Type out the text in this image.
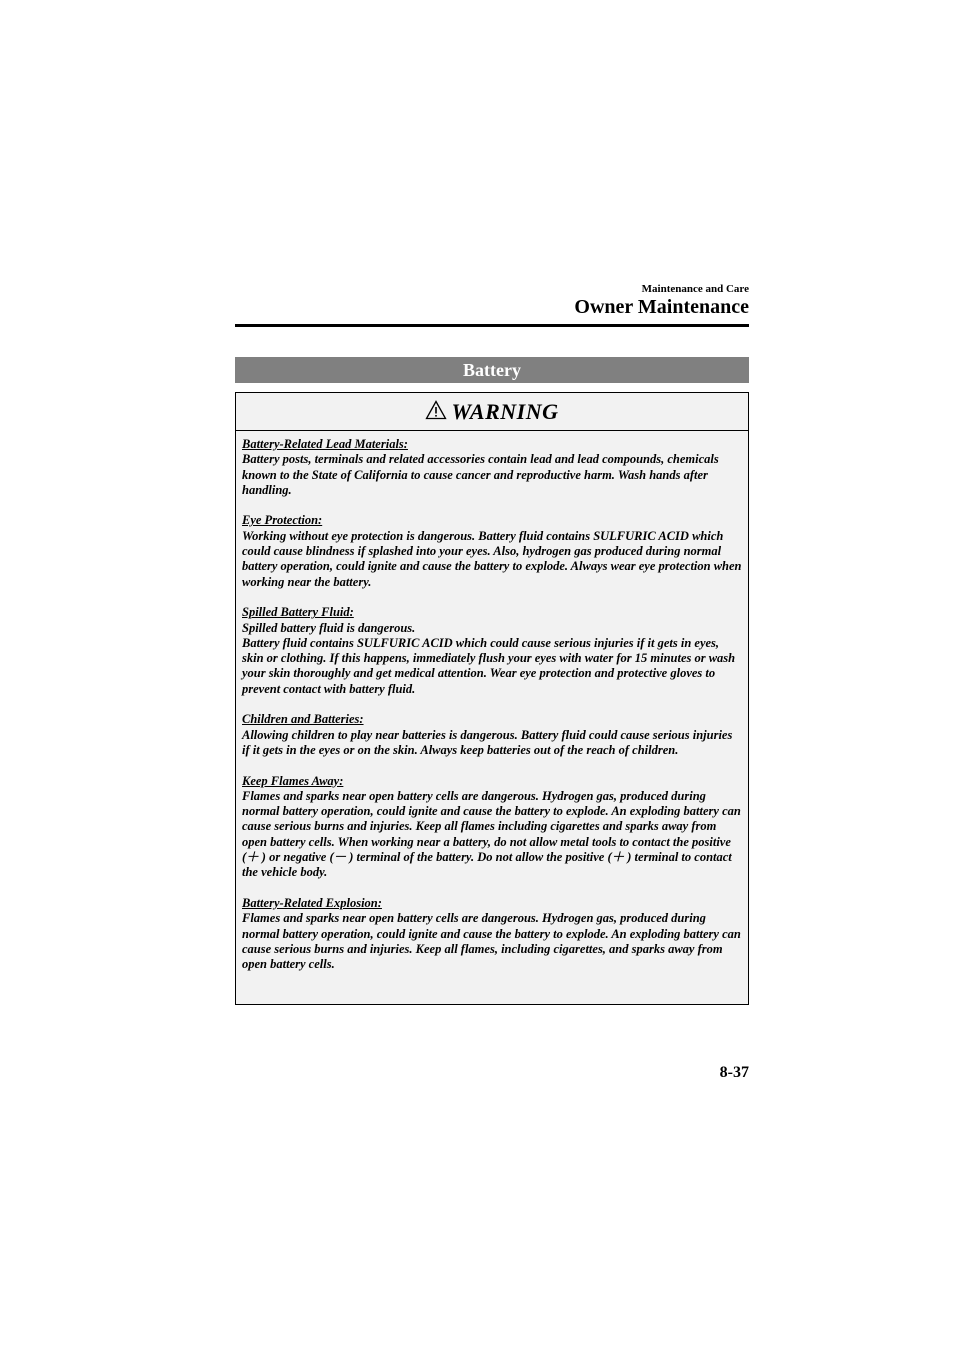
Maintenance and Care
Owner Maintenance
Battery
WARNING
Battery-Related Lead Materials:
Battery posts, terminals and related accessories contain lead and lead compounds, chemicals known to the State of California to cause cancer and reproductive harm. Wash hands after handling.
Eye Protection:
Working without eye protection is dangerous. Battery fluid contains SULFURIC ACID which could cause blindness if splashed into your eyes. Also, hydrogen gas produced during normal battery operation, could ignite and cause the battery to explode. Always wear eye protection when working near the battery.
Spilled Battery Fluid:
Spilled battery fluid is dangerous.
Battery fluid contains SULFURIC ACID which could cause serious injuries if it gets in eyes, skin or clothing. If this happens, immediately flush your eyes with water for 15 minutes or wash your skin thoroughly and get medical attention. Wear eye protection and protective gloves to prevent contact with battery fluid.
Children and Batteries:
Allowing children to play near batteries is dangerous. Battery fluid could cause serious injuries if it gets in the eyes or on the skin. Always keep batteries out of the reach of children.
Keep Flames Away:
Flames and sparks near open battery cells are dangerous. Hydrogen gas, produced during normal battery operation, could ignite and cause the battery to explode. An exploding battery can cause serious burns and injuries. Keep all flames including cigarettes and sparks away from open battery cells. When working near a battery, do not allow metal tools to contact the positive (＋ ) or negative (－ ) terminal of the battery. Do not allow the positive (＋ ) terminal to contact the vehicle body.
Battery-Related Explosion:
Flames and sparks near open battery cells are dangerous. Hydrogen gas, produced during normal battery operation, could ignite and cause the battery to explode. An exploding battery can cause serious burns and injuries. Keep all flames, including cigarettes, and sparks away from open battery cells.
8-37
